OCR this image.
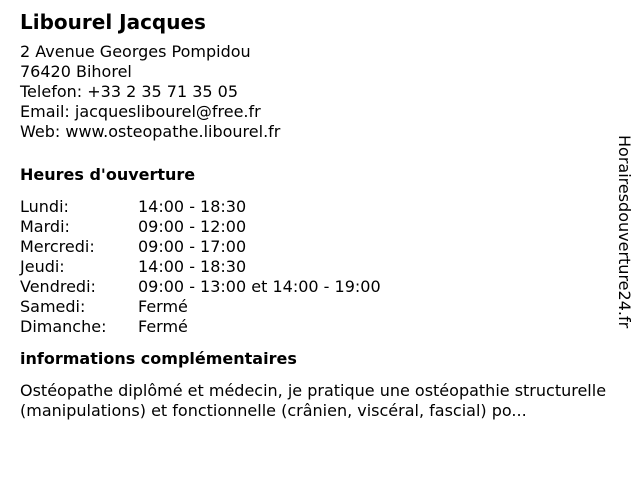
Libourel Jacques
2 Avenue Georges Pompidou
76420 Bihorel
Telefon: +33 2 35 71 35 05
Email: jacqueslibourel@free.fr
Web: www.osteopathe.libourel.fr
Heures d'ouverture
Lundi:	14:00 - 18:30
Mardi:	09:00 - 12:00
Mercredi:	09:00 - 17:00
Jeudi:	14:00 - 18:30
Vendredi:	09:00 - 13:00 et 14:00 - 19:00
Samedi:	Fermé
Dimanche:	Fermé
informations complémentaires
Ostéopathe diplômé et médecin, je pratique une ostéopathie structurelle (manipulations) et fonctionnelle (crânien, viscéral, fascial) po...
Horairesdouverture24.fr
